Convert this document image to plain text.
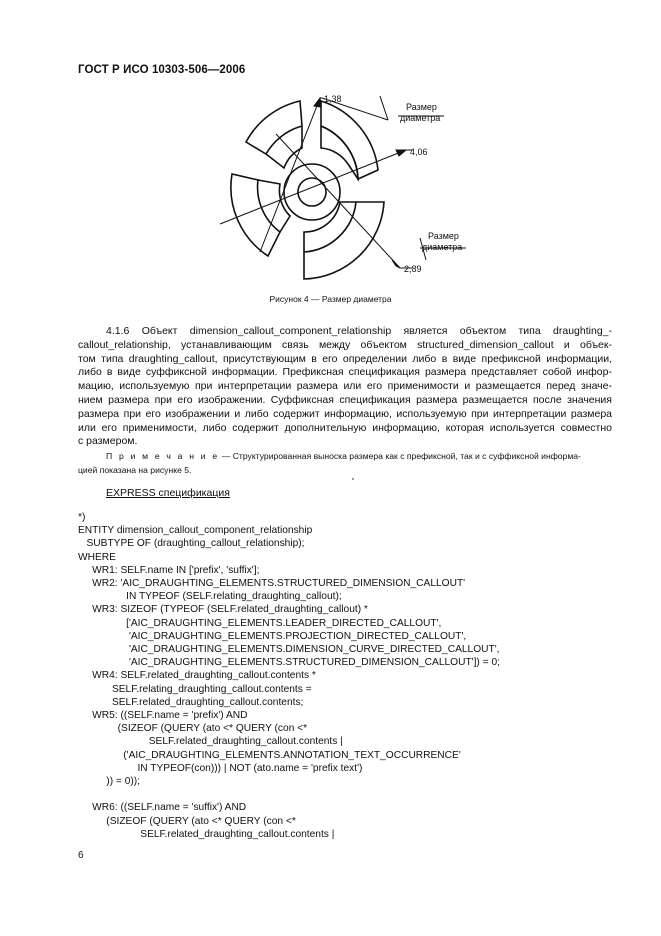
ГОСТ Р ИСО 10303-506—2006
1,38
4,06
2,89
Размер
диаметра
Размер
диаметра
Рисунок 4 — Размер диаметра
4.1.6 Объект dimension_callout_component_relationship является объектом типа draughting_-
callout_relationship, устанавливающим связь между объектом structured_dimension_callout и объек-
том типа draughting_callout, присутствующим в его определении либо в виде префиксной информации,
либо в виде суффиксной информации. Префиксная спецификация размера представляет собой инфор-
мацию, используемую при интерпретации размера или его применимости и размещается перед значе-
нием размера при его изображении. Суффиксная спецификация размера размещается после значения
размера при его изображении и либо содержит информацию, используемую при интерпретации размера
или его применимости, либо содержит дополнительную информацию, которая используется совместно
с размером.
П р и м е ч а н и е — Структурированная выноска размера как с префиксной, так и с суффиксной информа-
цией показана на рисунке 5.
EXPRESS спецификация
*)
ENTITY dimension_callout_component_relationship
SUBTYPE OF (draughting_callout_relationship);
WHERE
WR1: SELF.name IN ['prefix', 'suffix'];
WR2: 'AIC_DRAUGHTING_ELEMENTS.STRUCTURED_DIMENSION_CALLOUT'
IN TYPEOF (SELF.relating_draughting_callout);
WR3: SIZEOF (TYPEOF (SELF.related_draughting_callout) *
['AIC_DRAUGHTING_ELEMENTS.LEADER_DIRECTED_CALLOUT',
'AIC_DRAUGHTING_ELEMENTS.PROJECTION_DIRECTED_CALLOUT',
'AIC_DRAUGHTING_ELEMENTS.DIMENSION_CURVE_DIRECTED_CALLOUT',
'AIC_DRAUGHTING_ELEMENTS.STRUCTURED_DIMENSION_CALLOUT']) = 0;
WR4: SELF.related_draughting_callout.contents *
SELF.relating_draughting_callout.contents =
SELF.related_draughting_callout.contents;
WR5: ((SELF.name = 'prefix') AND
(SIZEOF (QUERY (ato <* QUERY (con <*
SELF.related_draughting_callout.contents |
('AIC_DRAUGHTING_ELEMENTS.ANNOTATION_TEXT_OCCURRENCE'
IN TYPEOF(con))) | NOT (ato.name = 'prefix text')
)) = 0));

WR6: ((SELF.name = 'suffix') AND
(SIZEOF (QUERY (ato <* QUERY (con <*
SELF.related_draughting_callout.contents |
6
